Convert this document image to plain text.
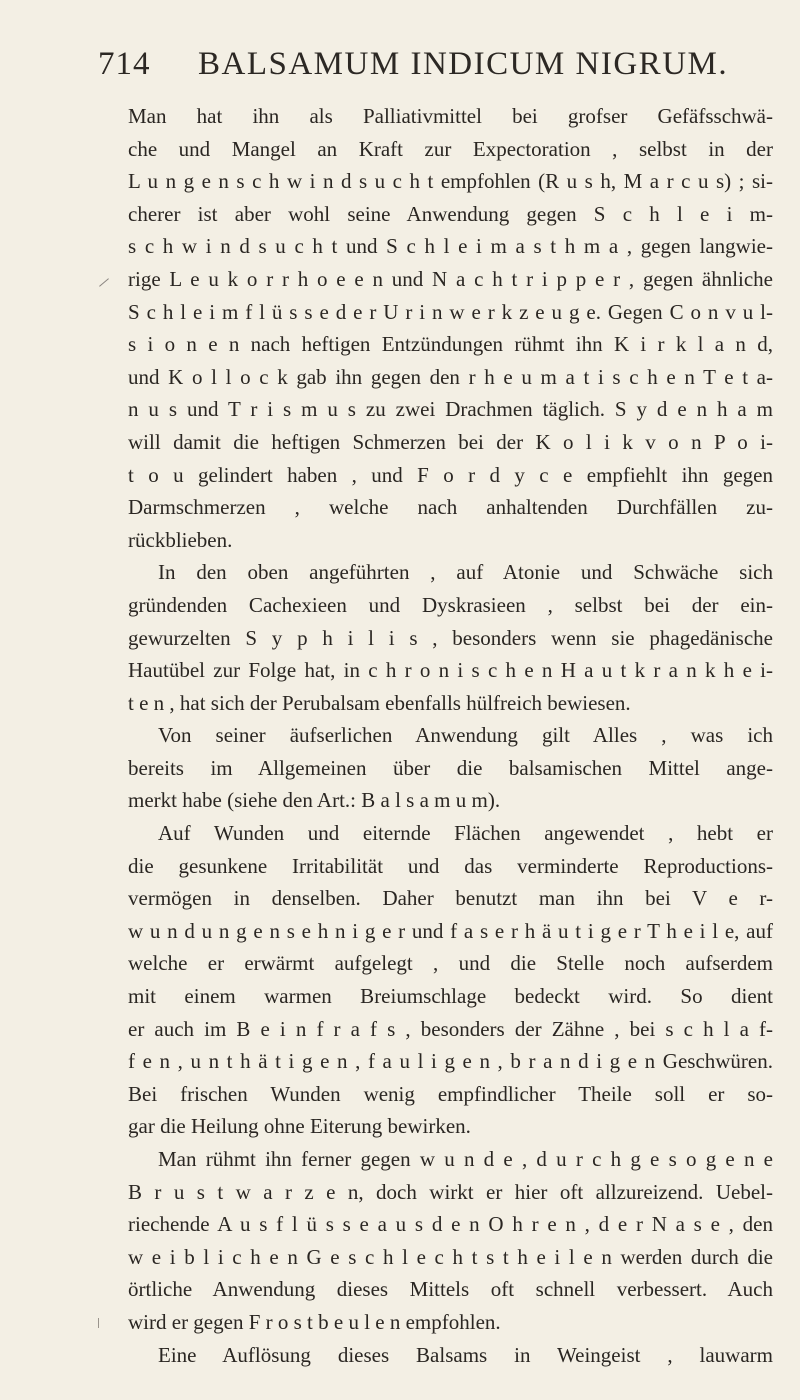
714 BALSAMUM INDICUM NIGRUM.
Man hat ihn als Palliativmittel bei grofser Gefäfsschwä-
che und Mangel an Kraft zur Expectoration , selbst in der
L u n g e n s c h w i n d s u c h t empfohlen (R u s h, M a r c u s) ; si-
cherer ist aber wohl seine Anwendung gegen S c h l e i m-
s c h w i n d s u c h t und S c h l e i m a s t h m a , gegen langwie-
rige L e u k o r r h o e e n und N a c h t r i p p e r , gegen ähnliche
S c h l e i m f l ü s s e d e r U r i n w e r k z e u g e. Gegen C o n v u l-
s i o n e n nach heftigen Entzündungen rühmt ihn K i r k l a n d,
und K o l l o c k gab ihn gegen den r h e u m a t i s c h e n T e t a-
n u s und T r i s m u s zu zwei Drachmen täglich. S y d e n h a m
will damit die heftigen Schmerzen bei der K o l i k v o n P o i-
t o u gelindert haben , und F o r d y c e empfiehlt ihn gegen
Darmschmerzen , welche nach anhaltenden Durchfällen zu-
rückblieben.
In den oben angeführten , auf Atonie und Schwäche sich
gründenden Cachexieen und Dyskrasieen , selbst bei der ein-
gewurzelten S y p h i l i s , besonders wenn sie phagedänische
Hautübel zur Folge hat, in c h r o n i s c h e n H a u t k r a n k h e i-
t e n , hat sich der Perubalsam ebenfalls hülfreich bewiesen.
Von seiner äufserlichen Anwendung gilt Alles , was ich
bereits im Allgemeinen über die balsamischen Mittel ange-
merkt habe (siehe den Art.: B a l s a m u m).
Auf Wunden und eiternde Flächen angewendet , hebt er
die gesunkene Irritabilität und das verminderte Reproductions-
vermögen in denselben. Daher benutzt man ihn bei V e r-
w u n d u n g e n s e h n i g e r und f a s e r h ä u t i g e r T h e i l e, auf
welche er erwärmt aufgelegt , und die Stelle noch aufserdem
mit einem warmen Breiumschlage bedeckt wird. So dient
er auch im B e i n f r a f s , besonders der Zähne , bei s c h l a f-
f e n , u n t h ä t i g e n , f a u l i g e n , b r a n d i g e n Geschwüren.
Bei frischen Wunden wenig empfindlicher Theile soll er so-
gar die Heilung ohne Eiterung bewirken.
Man rühmt ihn ferner gegen w u n d e , d u r c h g e s o g e n e
B r u s t w a r z e n, doch wirkt er hier oft allzureizend. Uebel-
riechende A u s f l ü s s e a u s d e n O h r e n , d e r N a s e , den
w e i b l i c h e n G e s c h l e c h t s t h e i l e n werden durch die
örtliche Anwendung dieses Mittels oft schnell verbessert. Auch
wird er gegen F r o s t b e u l e n empfohlen.
Eine Auflösung dieses Balsams in Weingeist , lauwarm
